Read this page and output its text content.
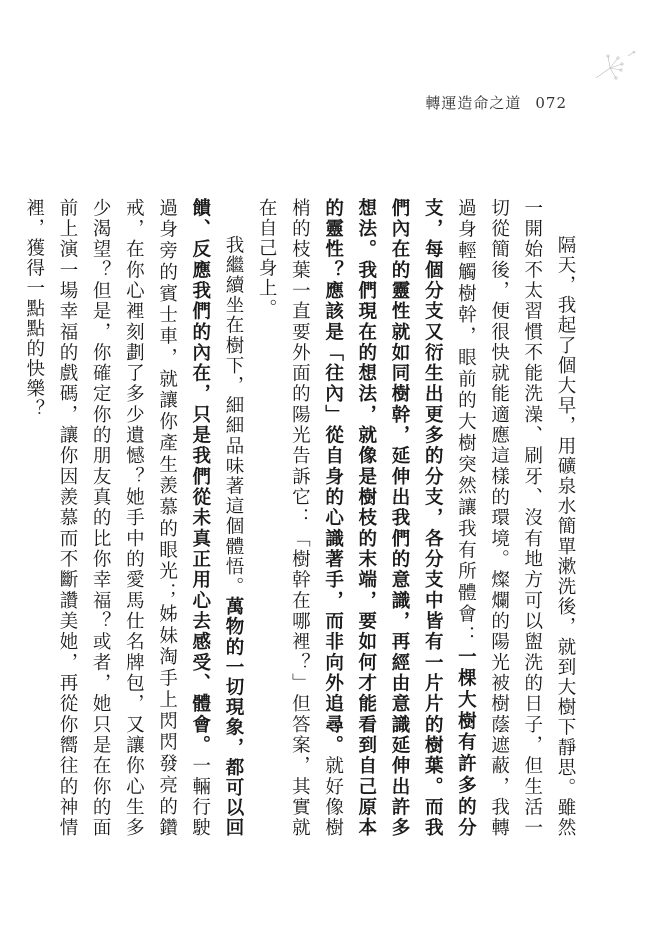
轉運造命之道 072

隔天，我起了個大早，用礦泉水簡單漱洗後，就到大樹下靜思。雖然一開始不太習慣不能洗澡、刷牙、沒有地方可以盥洗的日子，但生活一切從簡後，便很快就能適應這樣的環境。燦爛的陽光被樹蔭遮蔽，我轉過身輕觸樹幹，眼前的大樹突然讓我有所體會：一棵大樹有許多的分支，每個分支又衍生出更多的分支，各分支中皆有一片片的樹葉。而我們內在的靈性就如同樹幹，延伸出我們的意識，再經由意識延伸出許多想法。我們現在的想法，就像是樹枝的末端，要如何才能看到自己原本的靈性？應該是「往內」從自身的心識著手，而非向外追尋。就好像樹梢的枝葉一直要外面的陽光告訴它：「樹幹在哪裡？」但答案，其實就在自己身上。

我繼續坐在樹下，細細品味著這個體悟。萬物的一切現象，都可以回饋、反應我們的內在，只是我們從未真正用心去感受、體會。一輛行駛過身旁的賓士車，就讓你產生羨慕的眼光；姊妹淘手上閃閃發亮的鑽戒，在你心裡刻劃了多少遺憾？她手中的愛馬仕名牌包，又讓你心生多少渴望？但是，你確定你的朋友真的比你幸福？或者，她只是在你的面前上演一場幸福的戲碼，讓你因羨慕而不斷讚美她，再從你嚮往的神情裡，獲得一點點的快樂？
